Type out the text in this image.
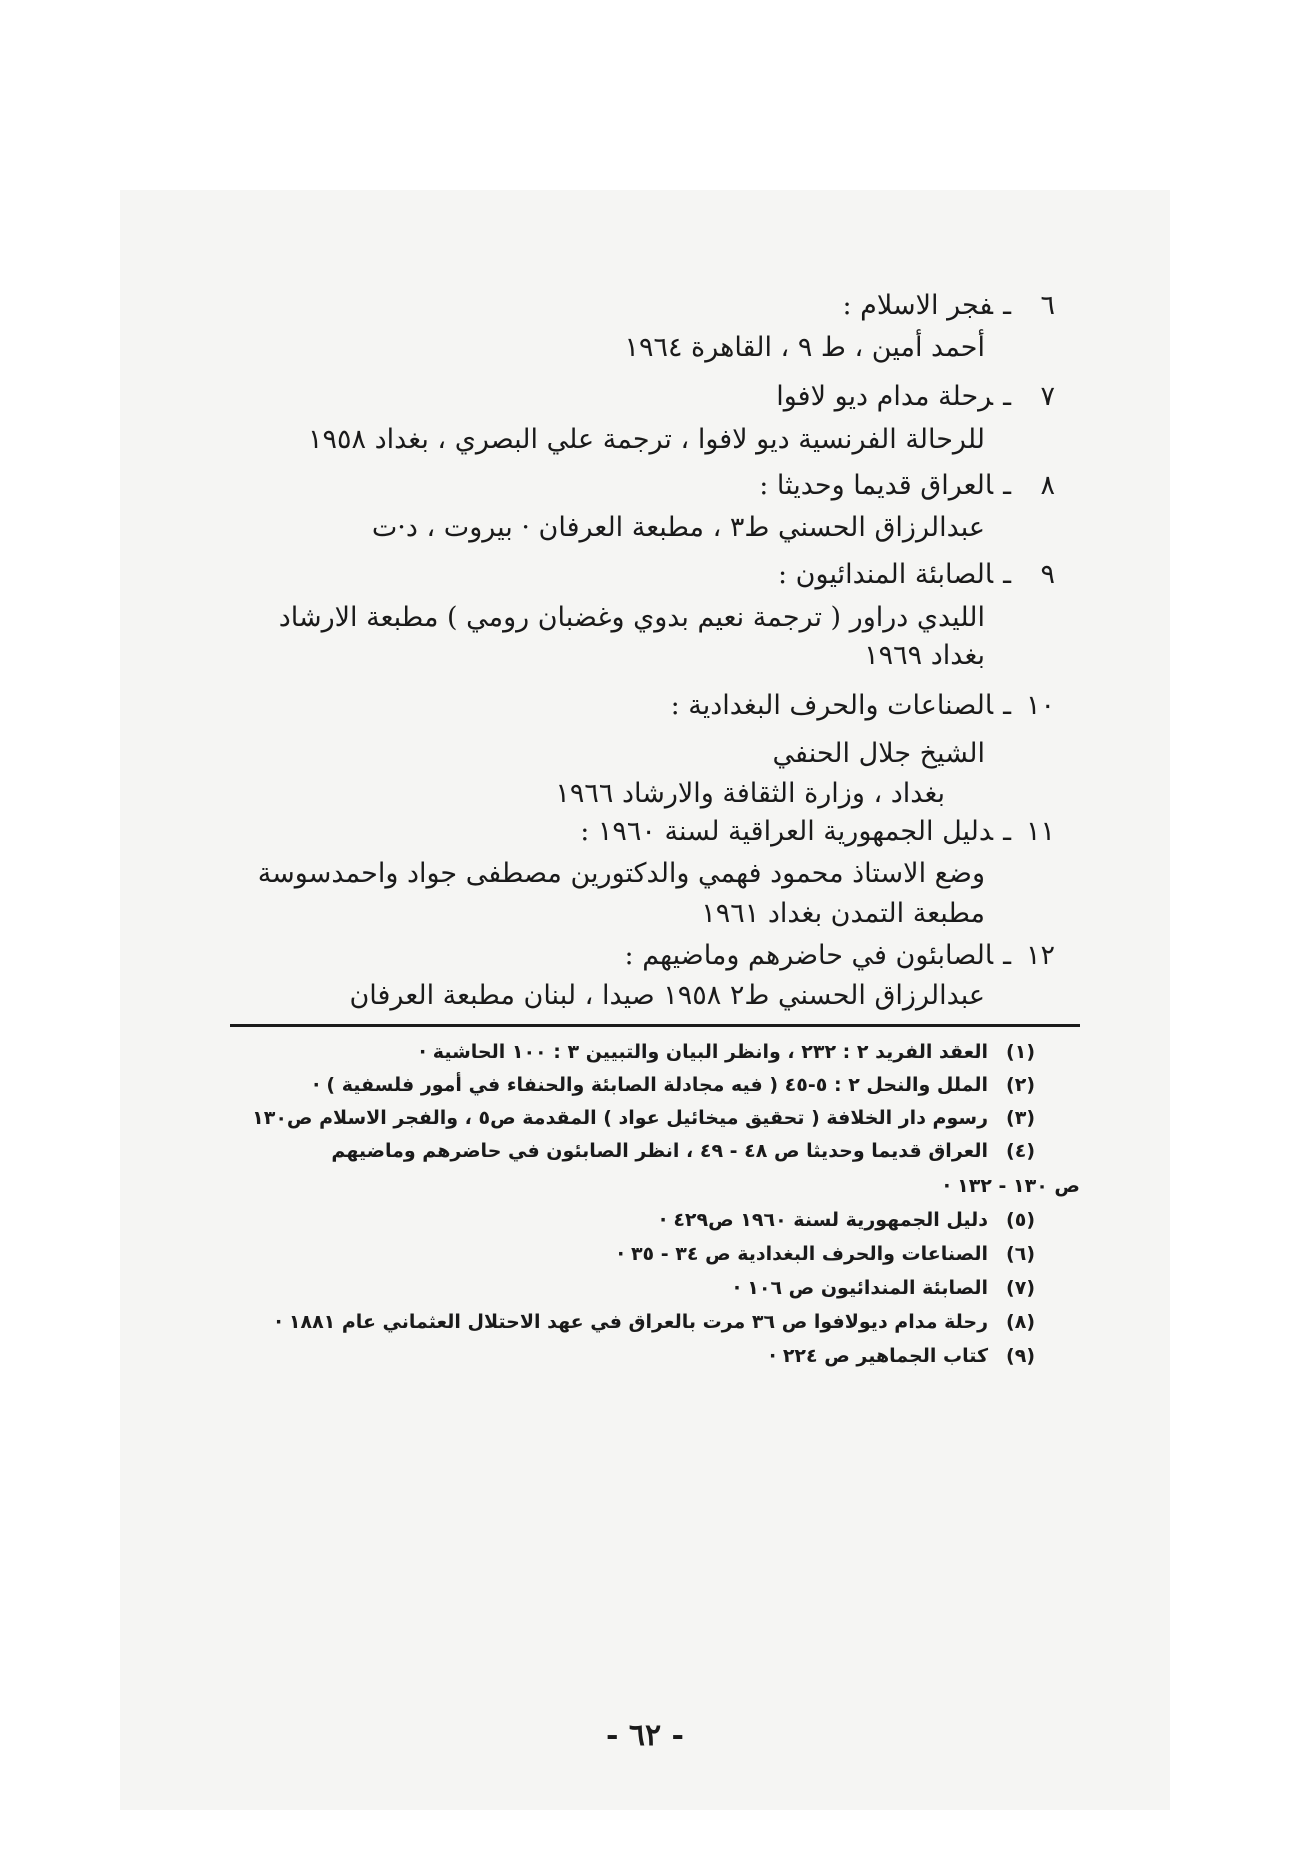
٦ـفجر الاسلام :
أحمد أمين ، ط ٩ ، القاهرة ١٩٦٤
٧ـرحلة مدام ديو لافوا
للرحالة الفرنسية ديو لافوا ، ترجمة علي البصري ، بغداد ١٩٥٨
٨ـالعراق قديما وحديثا :
عبدالرزاق الحسني ط٣ ، مطبعة العرفان · بيروت ، د·ت
٩ـالصابئة المندائيون :
الليدي دراور ( ترجمة نعيم بدوي وغضبان رومي ) مطبعة الارشاد
بغداد ١٩٦٩
١٠ـالصناعات والحرف البغدادية :
الشيخ جلال الحنفي
بغداد ، وزارة الثقافة والارشاد ١٩٦٦
١١ـدليل الجمهورية العراقية لسنة ١٩٦٠ :
وضع الاستاذ محمود فهمي والدكتورين مصطفى جواد واحمدسوسة
مطبعة التمدن بغداد ١٩٦١
١٢ـالصابئون في حاضرهم وماضيهم :
عبدالرزاق الحسني ط٢ ١٩٥٨ صيدا ، لبنان مطبعة العرفان
(١)العقد الفريد ٢ : ٢٣٢ ، وانظر البيان والتبيين ٣ : ١٠٠ الحاشية ·
(٢)الملل والنحل ٢ : ٥-٤٥ ( فيه مجادلة الصابئة والحنفاء في أمور فلسفية ) ·
(٣)رسوم دار الخلافة ( تحقيق ميخائيل عواد ) المقدمة ص٥ ، والفجر الاسلام ص١٣٠
(٤)العراق قديما وحديثا ص ٤٨ - ٤٩ ، انظر الصابئون في حاضرهم وماضيهم
ص ١٣٠ - ١٣٢ ·
(٥)دليل الجمهورية لسنة ١٩٦٠ ص٤٢٩ ·
(٦)الصناعات والحرف البغدادية ص ٣٤ - ٣٥ ·
(٧)الصابئة المندائيون ص ١٠٦ ·
(٨)رحلة مدام ديولافوا ص ٣٦ مرت بالعراق في عهد الاحتلال العثماني عام ١٨٨١ ·
(٩)كتاب الجماهير ص ٢٢٤ ·
- ٦٢ -
